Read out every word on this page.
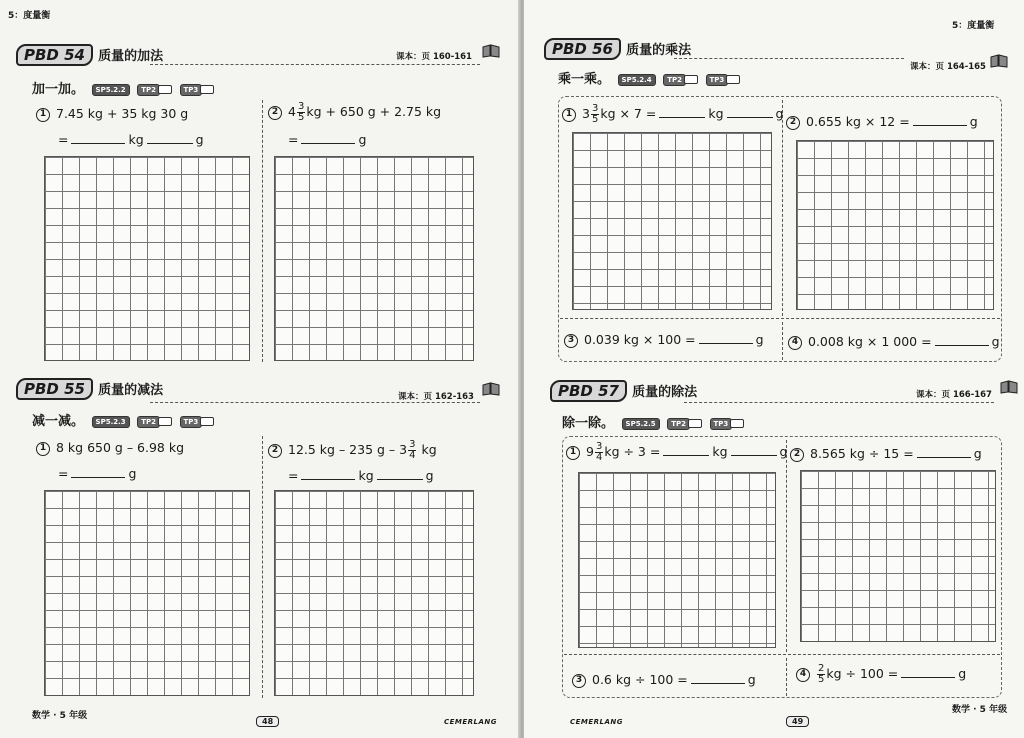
5：度量衡
PBD 54 质量的加法	课本：页 160-161
加一加。 SP5.2.2 TP2	TP3
1 7.45 kg + 35 kg 30 g
=	kg	g
2 $4 \frac{3}{5}$ kg + 650 g + 2.75 kg
=	g
PBD 55 质量的减法	课本：页 162-163
减一减。 SP5.2.3 TP2	TP3
1 8 kg 650 g – 6.98 kg
=	g
2 12.5 kg – 235 g – $3 \frac{3}{4}$ kg
=	kg	g
数学 · 5 年级
48	CEMERLANG
5：度量衡
PBD 56 质量的乘法
课本：页 164-165
乘一乘。 SP5.2.4 TP2	TP3
1 $3 \frac{3}{5}$ kg × 7 =	kg	g
2 0.655 kg × 12 =	g
3 0.039 kg × 100 =	g	4 0.008 kg × 1 000 =	g
PBD 57 质量的除法	课本：页 166-167
除一除。 SP5.2.5 TP2	TP3
1 $9 \frac{3}{4}$ kg ÷ 3 =	kg	g 2 8.565 kg ÷ 15 =	g
3 0.6 kg ÷ 100 =	g	$4 \frac{2}{5}$ kg ÷ 100 =	g
CEMERLANG	49
数学 · 5 年级
